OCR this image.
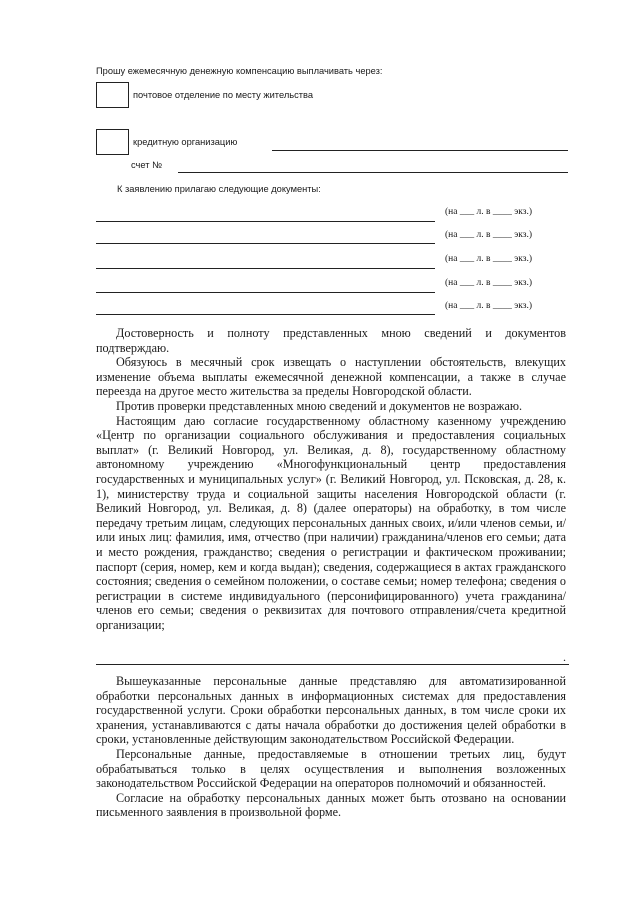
Прошу ежемесячную денежную компенсацию выплачивать через:
почтовое отделение по месту жительства
кредитную организацию
счет №
К заявлению прилагаю следующие документы:
(на ___ л. в ____ экз.)
(на ___ л. в ____ экз.)
(на ___ л. в ____ экз.)
(на ___ л. в ____ экз.)
(на ___ л. в ____ экз.)

Достоверность и полноту представленных мною сведений и документов подтверждаю.

Обязуюсь в месячный срок извещать о наступлении обстоятельств, влекущих изменение объема выплаты ежемесячной денежной компенсации, а также в случае переезда на другое место жительства за пределы Новгородской области.

Против проверки представленных мною сведений и документов не возражаю.

Настоящим даю согласие государственному областному казенному учреждению «Центр по организации социального обслуживания и предоставления социальных выплат» (г. Великий Новгород, ул. Великая, д. 8), государственному областному автономному учреждению «Многофункциональный центр предоставления государственных и муниципальных услуг» (г. Великий Новгород, ул. Псковская, д. 28, к. 1), министерству труда и социальной защиты населения Новгородской области (г. Великий Новгород, ул. Великая, д. 8) (далее операторы) на обработку, в том числе передачу третьим лицам, следующих персональных данных своих, и/или членов семьи, и/или иных лиц: фамилия, имя, отчество (при наличии) гражданина/членов его семьи; дата и место рождения, гражданство; сведения о регистрации и фактическом проживании; паспорт (серия, номер, кем и когда выдан); сведения, содержащиеся в актах гражданского состояния; сведения о семейном положении, о составе семьи; номер телефона; сведения о регистрации в системе индивидуального (персонифицированного) учета гражданина/членов его семьи; сведения о реквизитах для почтового отправления/счета кредитной организации;

.

Вышеуказанные персональные данные представляю для автоматизированной обработки персональных данных в информационных системах для предоставления государственной услуги. Сроки обработки персональных данных, в том числе сроки их хранения, устанавливаются с даты начала обработки до достижения целей обработки в сроки, установленные действующим законодательством Российской Федерации.

Персональные данные, предоставляемые в отношении третьих лиц, будут обрабатываться только в целях осуществления и выполнения возложенных законодательством Российской Федерации на операторов полномочий и обязанностей.

Согласие на обработку персональных данных может быть отозвано на основании письменного заявления в произвольной форме.
